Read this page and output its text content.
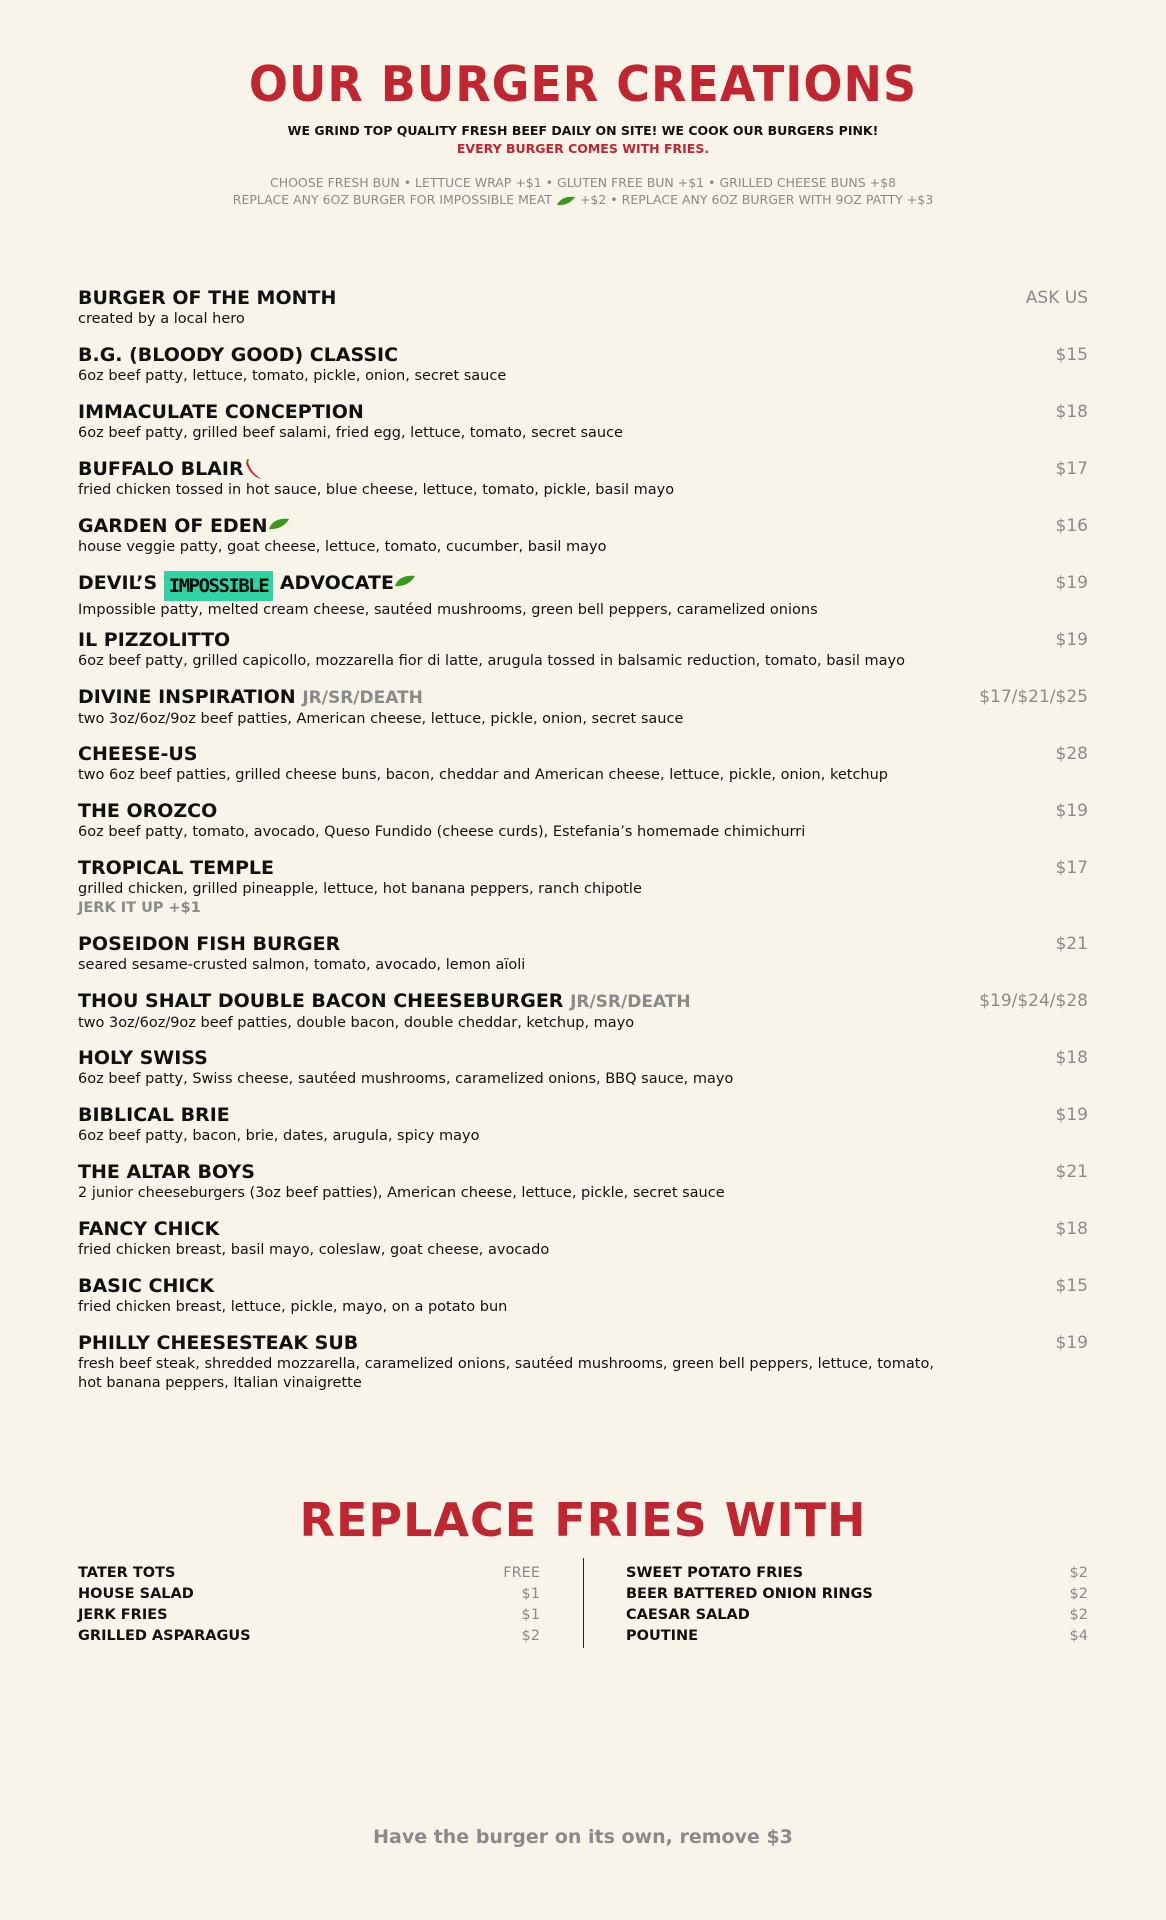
OUR BURGER CREATIONS
WE GRIND TOP QUALITY FRESH BEEF DAILY ON SITE! WE COOK OUR BURGERS PINK!
EVERY BURGER COMES WITH FRIES.
CHOOSE FRESH BUN • LETTUCE WRAP +$1 • GLUTEN FREE BUN +$1 • GRILLED CHEESE BUNS +$8
REPLACE ANY 6OZ BURGER FOR IMPOSSIBLE MEAT +$2 • REPLACE ANY 6OZ BURGER WITH 9OZ PATTY +$3
BURGER OF THE MONTH
created by a local hero
ASK US
B.G. (BLOODY GOOD) CLASSIC
6oz beef patty, lettuce, tomato, pickle, onion, secret sauce
$15
IMMACULATE CONCEPTION
6oz beef patty, grilled beef salami, fried egg, lettuce, tomato, secret sauce
$18
BUFFALO BLAIR
fried chicken tossed in hot sauce, blue cheese, lettuce, tomato, pickle, basil mayo
$17
GARDEN OF EDEN
house veggie patty, goat cheese, lettuce, tomato, cucumber, basil mayo
$16
DEVIL’S IMPOSSIBLE ADVOCATE
Impossible patty, melted cream cheese, sautéed mushrooms, green bell peppers, caramelized onions
$19
IL PIZZOLITTO
6oz beef patty, grilled capicollo, mozzarella fior di latte, arugula tossed in balsamic reduction, tomato, basil mayo
$19
DIVINE INSPIRATION JR/SR/DEATH
two 3oz/6oz/9oz beef patties, American cheese, lettuce, pickle, onion, secret sauce
$17/$21/$25
CHEESE-US
two 6oz beef patties, grilled cheese buns, bacon, cheddar and American cheese, lettuce, pickle, onion, ketchup
$28
THE OROZCO
6oz beef patty, tomato, avocado, Queso Fundido (cheese curds), Estefania’s homemade chimichurri
$19
TROPICAL TEMPLE
grilled chicken, grilled pineapple, lettuce, hot banana peppers, ranch chipotle
JERK IT UP +$1
$17
POSEIDON FISH BURGER
seared sesame-crusted salmon, tomato, avocado, lemon aïoli
$21
THOU SHALT DOUBLE BACON CHEESEBURGER JR/SR/DEATH
two 3oz/6oz/9oz beef patties, double bacon, double cheddar, ketchup, mayo
$19/$24/$28
HOLY SWISS
6oz beef patty, Swiss cheese, sautéed mushrooms, caramelized onions, BBQ sauce, mayo
$18
BIBLICAL BRIE
6oz beef patty, bacon, brie, dates, arugula, spicy mayo
$19
THE ALTAR BOYS
2 junior cheeseburgers (3oz beef patties), American cheese, lettuce, pickle, secret sauce
$21
FANCY CHICK
fried chicken breast, basil mayo, coleslaw, goat cheese, avocado
$18
BASIC CHICK
fried chicken breast, lettuce, pickle, mayo, on a potato bun
$15
PHILLY CHEESESTEAK SUB
fresh beef steak, shredded mozzarella, caramelized onions, sautéed mushrooms, green bell peppers, lettuce, tomato, hot banana peppers, Italian vinaigrette
$19
REPLACE FRIES WITH
TATER TOTS	FREE
HOUSE SALAD	$1
JERK FRIES	$1
GRILLED ASPARAGUS	$2
SWEET POTATO FRIES	$2
BEER BATTERED ONION RINGS	$2
CAESAR SALAD	$2
POUTINE	$4
Have the burger on its own, remove $3
